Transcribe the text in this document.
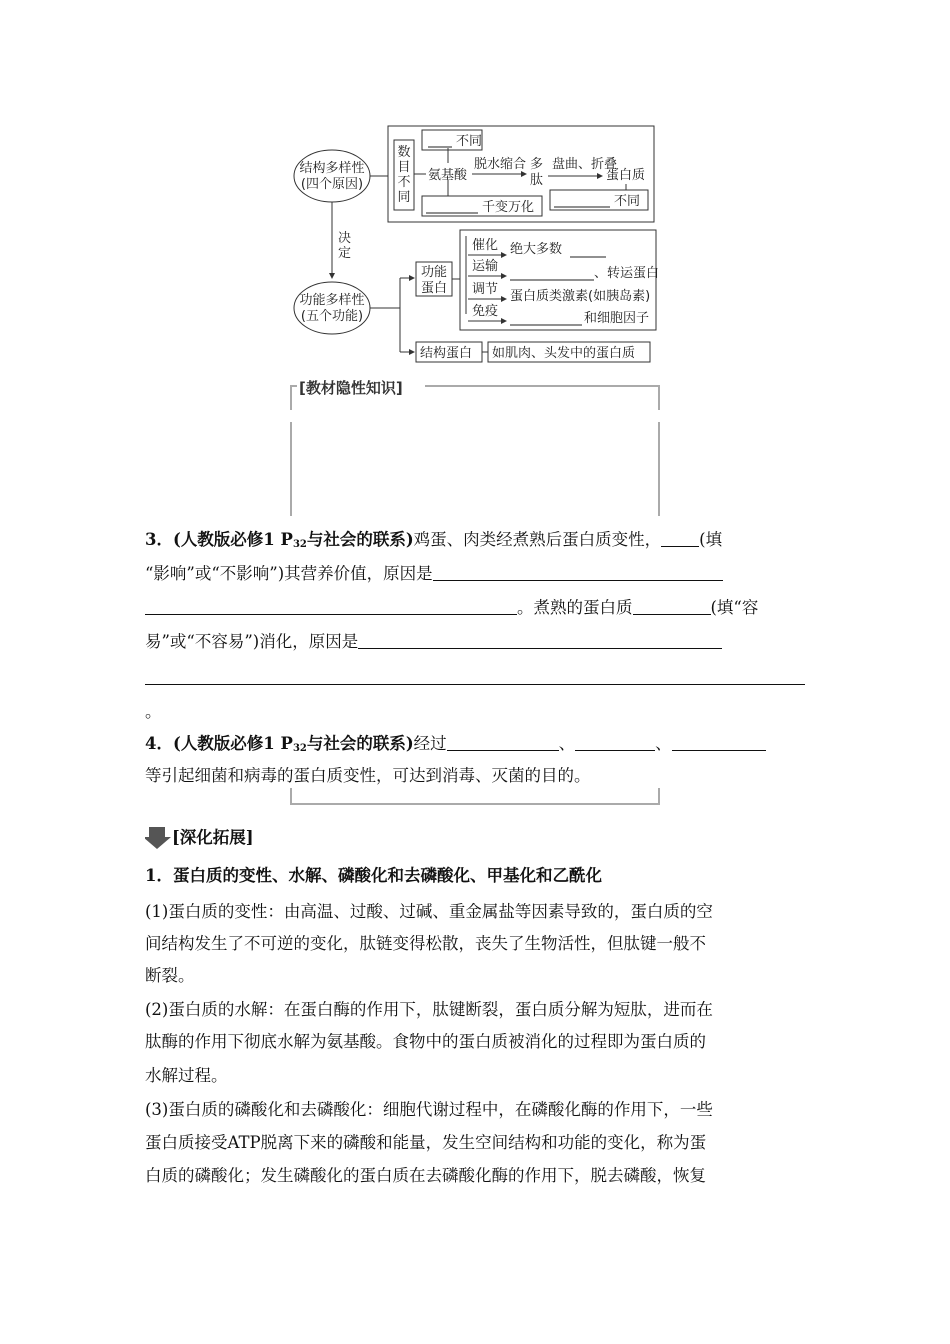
结构多样性
(四个原因)
数
目
不
同
不同
氨基酸
千变万化
脱水缩合 多
肽
盘曲、折叠
蛋白质
不同
决
定
功能多样性
(五个功能)
功能
蛋白
催化 绝大多数
运输	、转运蛋白
调节 蛋白质类激素(如胰岛素)
免疫	和细胞因子
结构蛋白 如肌肉、头发中的蛋白质
[教材隐性知识]
3．(人教版必修1 $P_{32}$与社会的联系)鸡蛋、肉类经煮熟后蛋白质变性， (填
“影响”或“不影响”)其营养价值，原因是
。煮熟的蛋白质	(填“容
易”或“不容易”)消化，原因是
。
4．(人教版必修1 $P_{32}$与社会的联系)经过	、	、
等引起细菌和病毒的蛋白质变性，可达到消毒、灭菌的目的。
[深化拓展]
1．蛋白质的变性、水解、磷酸化和去磷酸化、甲基化和乙酰化
(1)蛋白质的变性：由高温、过酸、过碱、重金属盐等因素导致的，蛋白质的空
间结构发生了不可逆的变化，肽链变得松散，丧失了生物活性，但肽键一般不
断裂。
(2)蛋白质的水解：在蛋白酶的作用下，肽键断裂，蛋白质分解为短肽，进而在
肽酶的作用下彻底水解为氨基酸。食物中的蛋白质被消化的过程即为蛋白质的
水解过程。
(3)蛋白质的磷酸化和去磷酸化：细胞代谢过程中，在磷酸化酶的作用下，一些
蛋白质接受ATP脱离下来的磷酸和能量，发生空间结构和功能的变化，称为蛋
白质的磷酸化；发生磷酸化的蛋白质在去磷酸化酶的作用下，脱去磷酸，恢复
